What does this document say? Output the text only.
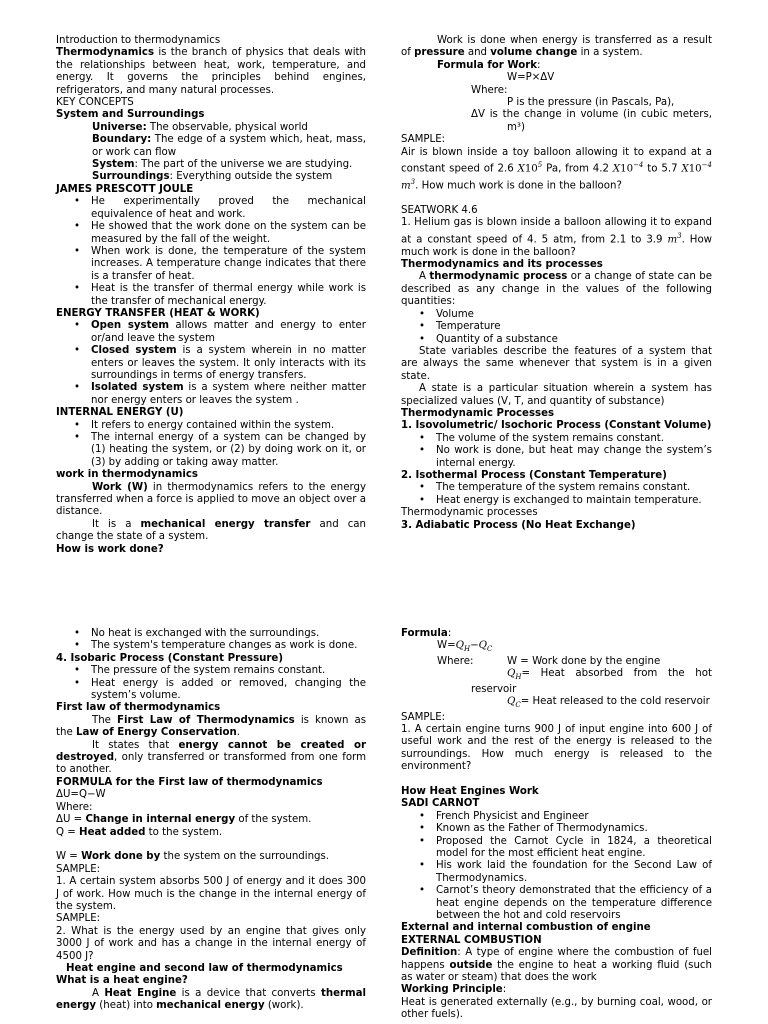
Introduction to thermodynamics
Thermodynamics is the branch of physics that deals with the relationships between heat, work, temperature, and energy. It governs the principles behind engines, refrigerators, and many natural processes.
KEY CONCEPTS
System and Surroundings
Universe: The observable, physical world
Boundary: The edge of a system which, heat, mass, or work can flow
System: The part of the universe we are studying.
Surroundings: Everything outside the system
JAMES PRESCOTT JOULE
• He experimentally proved the mechanical equivalence of heat and work.
• He showed that the work done on the system can be measured by the fall of the weight.
• When work is done, the temperature of the system increases. A temperature change indicates that there is a transfer of heat.
• Heat is the transfer of thermal energy while work is the transfer of mechanical energy.
ENERGY TRANSFER (HEAT & WORK)
• Open system allows matter and energy to enter or/and leave the system
• Closed system is a system wherein in no matter enters or leaves the system. It only interacts with its surroundings in terms of energy transfers.
• Isolated system is a system where neither matter nor energy enters or leaves the system .
INTERNAL ENERGY (U)
• It refers to energy contained within the system.
• The internal energy of a system can be changed by (1) heating the system, or (2) by doing work on it, or (3) by adding or taking away matter.
work in thermodynamics
Work (W) in thermodynamics refers to the energy transferred when a force is applied to move an object over a distance.
It is a mechanical energy transfer and can change the state of a system.
How is work done?
Work is done when energy is transferred as a result of pressure and volume change in a system.
Formula for Work:
W=P×ΔV
Where:
P is the pressure (in Pascals, Pa),
ΔV is the change in volume (in cubic meters, m³)
SAMPLE:
Air is blown inside a toy balloon allowing it to expand at a constant speed of 2.6 $X10^5$ Pa, from 4.2 $X10^{-4}$ to 5.7 $X10^{-4}$ $m^3$. How much work is done in the balloon?
SEATWORK 4.6
1. Helium gas is blown inside a balloon allowing it to expand at a constant speed of 4. 5 atm, from 2.1 to 3.9 $m^3$. How much work is done in the balloon?
Thermodynamics and its processes
A thermodynamic process or a change of state can be described as any change in the values of the following quantities:
• Volume
• Temperature
• Quantity of a substance
State variables describe the features of a system that are always the same whenever that system is in a given state.
A state is a particular situation wherein a system has specialized values (V, T, and quantity of substance)
Thermodynamic Processes
1. Isovolumetric/ Isochoric Process (Constant Volume)
• The volume of the system remains constant.
• No work is done, but heat may change the system’s internal energy.
2. Isothermal Process (Constant Temperature)
• The temperature of the system remains constant.
• Heat energy is exchanged to maintain temperature.
Thermodynamic processes
3. Adiabatic Process (No Heat Exchange)
• No heat is exchanged with the surroundings.
• The system's temperature changes as work is done.
4. Isobaric Process (Constant Pressure)
• The pressure of the system remains constant.
• Heat energy is added or removed, changing the system’s volume.
First law of thermodynamics
The First Law of Thermodynamics is known as the Law of Energy Conservation.
It states that energy cannot be created or destroyed, only transferred or transformed from one form to another.
FORMULA for the First law of thermodynamics
ΔU=Q−W
Where:
ΔU = Change in internal energy of the system.
Q = Heat added to the system.
W = Work done by the system on the surroundings.
SAMPLE:
1. A certain system absorbs 500 J of energy and it does 300 J of work. How much is the change in the internal energy of the system.
SAMPLE:
2. What is the energy used by an engine that gives only 3000 J of work and has a change in the internal energy of 4500 J?
Heat engine and second law of thermodynamics
What is a heat engine?
A Heat Engine is a device that converts thermal energy (heat) into mechanical energy (work).
Formula:
$W=Q_H-Q_C$
Where:	W = Work done by the engine
$Q_H=$ Heat absorbed from the hot reservoir
$Q_C=$ Heat released to the cold reservoir
SAMPLE:
1. A certain engine turns 900 J of input engine into 600 J of useful work and the rest of the energy is released to the surroundings. How much energy is released to the environment?
How Heat Engines Work
SADI CARNOT
• French Physicist and Engineer
• Known as the Father of Thermodynamics.
• Proposed the Carnot Cycle in 1824, a theoretical model for the most efficient heat engine.
• His work laid the foundation for the Second Law of Thermodynamics.
• Carnot’s theory demonstrated that the efficiency of a heat engine depends on the temperature difference between the hot and cold reservoirs
External and internal combustion of engine
EXTERNAL COMBUSTION
Definition: A type of engine where the combustion of fuel happens outside the engine to heat a working fluid (such as water or steam) that does the work
Working Principle:
Heat is generated externally (e.g., by burning coal, wood, or other fuels).
